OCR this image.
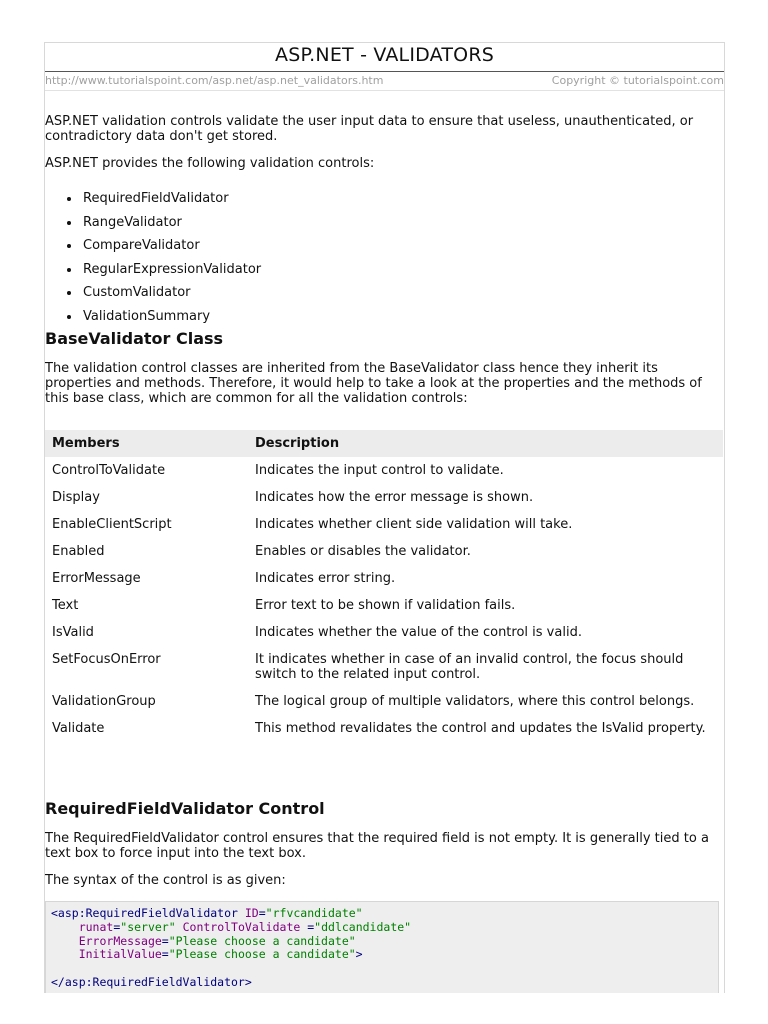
ASP.NET - VALIDATORS
http://www.tutorialspoint.com/asp.net/asp.net_validators.htm	Copyright © tutorialspoint.com
ASP.NET validation controls validate the user input data to ensure that useless, unauthenticated, or contradictory data don't get stored.
ASP.NET provides the following validation controls:
RequiredFieldValidator
RangeValidator
CompareValidator
RegularExpressionValidator
CustomValidator
ValidationSummary
BaseValidator Class
The validation control classes are inherited from the BaseValidator class hence they inherit its properties and methods. Therefore, it would help to take a look at the properties and the methods of this base class, which are common for all the validation controls:
Members	Description
ControlToValidate	Indicates the input control to validate.
Display	Indicates how the error message is shown.
EnableClientScript	Indicates whether client side validation will take.
Enabled	Enables or disables the validator.
ErrorMessage	Indicates error string.
Text	Error text to be shown if validation fails.
IsValid	Indicates whether the value of the control is valid.
SetFocusOnError	It indicates whether in case of an invalid control, the focus should switch to the related input control.
ValidationGroup	The logical group of multiple validators, where this control belongs.
Validate	This method revalidates the control and updates the IsValid property.
RequiredFieldValidator Control
The RequiredFieldValidator control ensures that the required field is not empty. It is generally tied to a text box to force input into the text box.
The syntax of the control is as given:
<asp:RequiredFieldValidator ID="rfvcandidate"
runat="server" ControlToValidate ="ddlcandidate"
ErrorMessage="Please choose a candidate"
InitialValue="Please choose a candidate">

</asp:RequiredFieldValidator>
